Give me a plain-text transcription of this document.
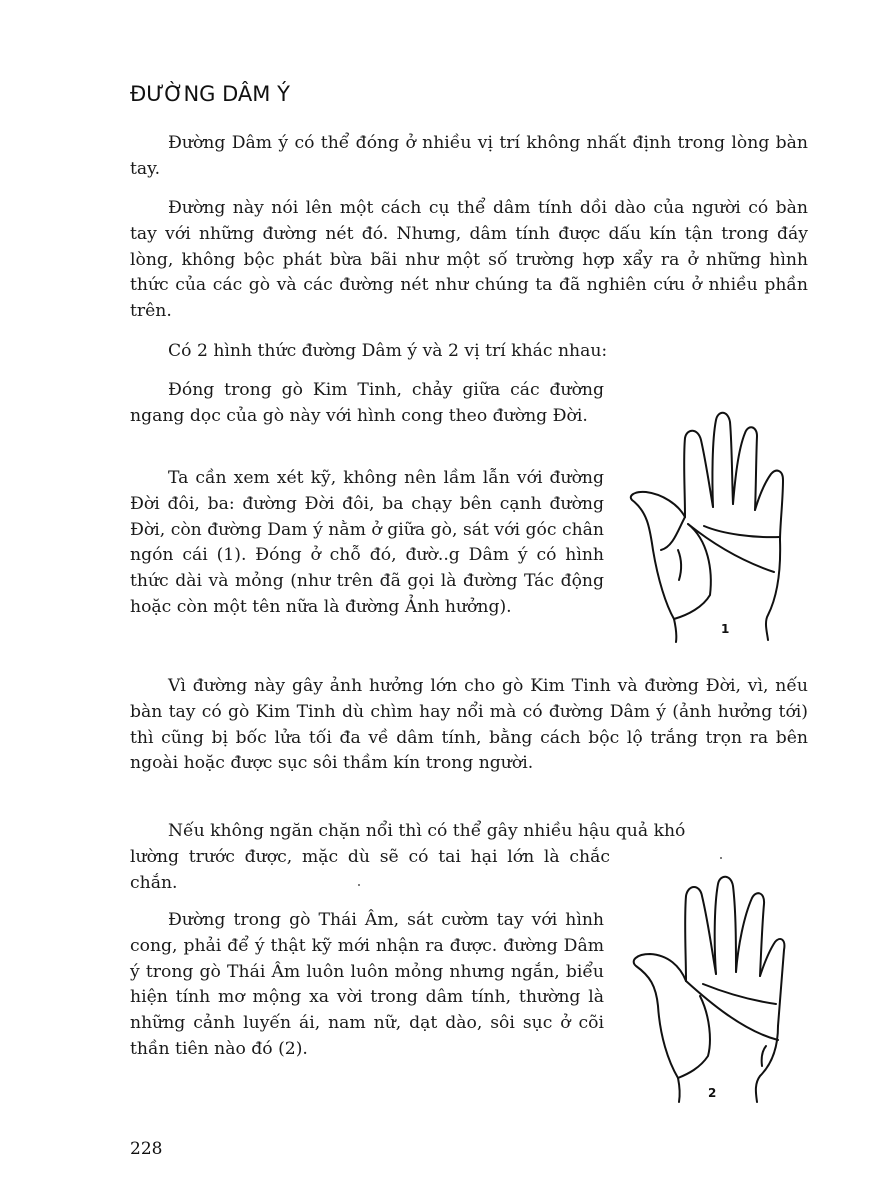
ĐƯỜNG DÂM Ý

Đường Dâm ý có thể đóng ở nhiều vị trí không nhất định trong lòng bàn tay.

Đường này nói lên một cách cụ thể dâm tính dồi dào của người có bàn tay với những đường nét đó. Nhưng, dâm tính được dấu kín tận trong đáy lòng, không bộc phát bừa bãi như một số trường hợp xẩy ra ở những hình thức của các gò và các đường nét như chúng ta đã nghiên cứu ở nhiều phần trên.

Có 2 hình thức đường Dâm ý và 2 vị trí khác nhau:

Đóng trong gò Kim Tinh, chảy giữa các đường ngang dọc của gò này với hình cong theo đường Đời.

Ta cần xem xét kỹ, không nên lầm lẫn với đường Đời đôi, ba: đường Đời đôi, ba chạy bên cạnh đường Đời, còn đường Dam ý nằm ở giữa gò, sát với góc chân ngón cái (1). Đóng ở chỗ đó, đườ..g Dâm ý có hình thức dài và mỏng (như trên đã gọi là đường Tác động hoặc còn một tên nữa là đường Ảnh hưởng).

Vì đường này gây ảnh hưởng lớn cho gò Kim Tinh và đường Đời, vì, nếu bàn tay có gò Kim Tinh dù chìm hay nổi mà có đường Dâm ý (ảnh hưởng tới) thì cũng bị bốc lửa tối đa về dâm tính, bằng cách bộc lộ trắng trọn ra bên ngoài hoặc được sục sôi thầm kín trong người.

Nếu không ngăn chặn nổi thì có thể gây nhiều hậu quả khó

lường trước được, mặc dù sẽ có tai hại lớn là chắc chắn.

Đường trong gò Thái Âm, sát cườm tay với hình cong, phải để ý thật kỹ mới nhận ra được. đường Dâm ý trong gò Thái Âm luôn luôn mỏng nhưng ngắn, biểu hiện tính mơ mộng xa vời trong dâm tính, thường là những cảnh luyến ái, nam nữ, dạt dào, sôi sục ở cõi thần tiên nào đó (2).

1
2
228
